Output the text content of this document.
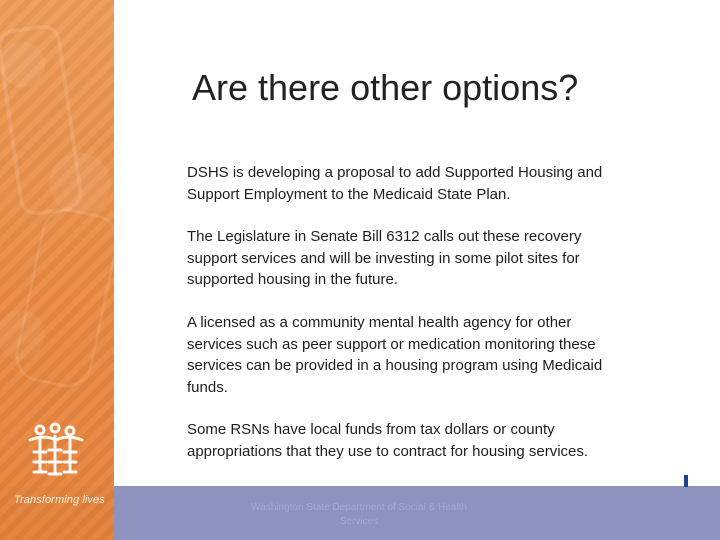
Transforming lives
Are there other options?

DSHS is developing a proposal to add Supported Housing and Support Employment to the Medicaid State Plan.

The Legislature in Senate Bill 6312 calls out these recovery support services and will be investing in some pilot sites for supported housing in the future.

A licensed as a community mental health agency for other services such as peer support or medication monitoring these services can be provided in a housing program using Medicaid funds.

Some RSNs have local funds from tax dollars or county appropriations that they use to contract for housing services.

Washington State Department of Social & Health Services
